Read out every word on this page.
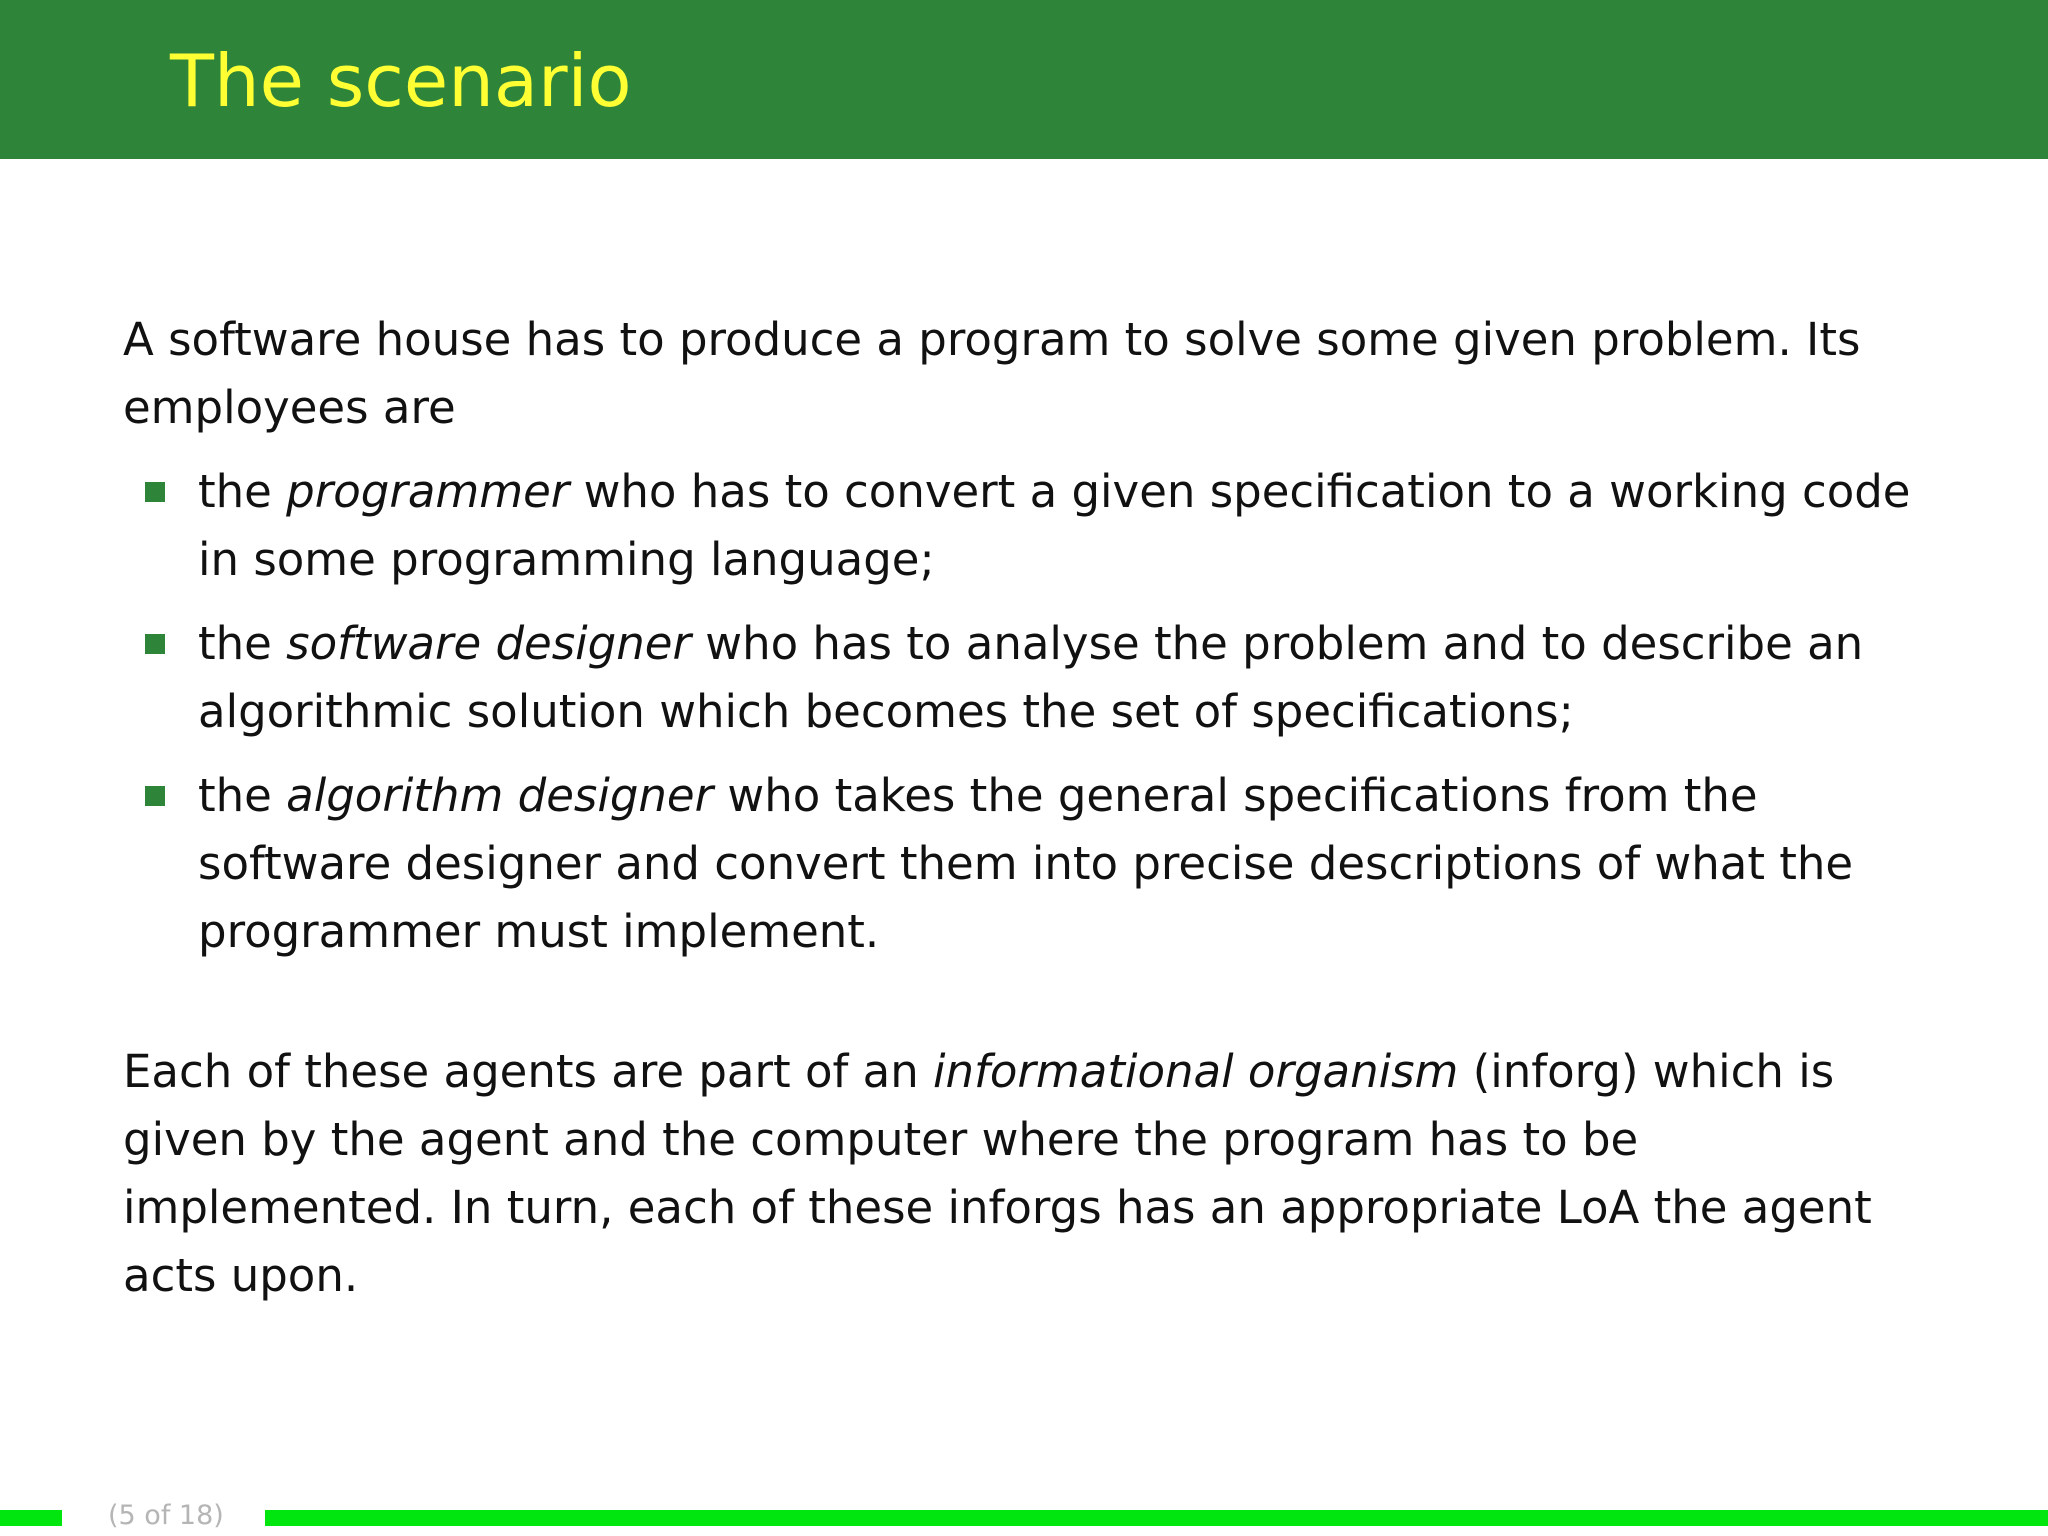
The scenario

A software house has to produce a program to solve some given problem. Its employees are

the programmer who has to convert a given specification to a working code in some programming language;
the software designer who has to analyse the problem and to describe an algorithmic solution which becomes the set of specifications;
the algorithm designer who takes the general specifications from the software designer and convert them into precise descriptions of what the programmer must implement.

Each of these agents are part of an informational organism (inforg) which is given by the agent and the computer where the program has to be implemented. In turn, each of these inforgs has an appropriate LoA the agent acts upon.

(5 of 18)
